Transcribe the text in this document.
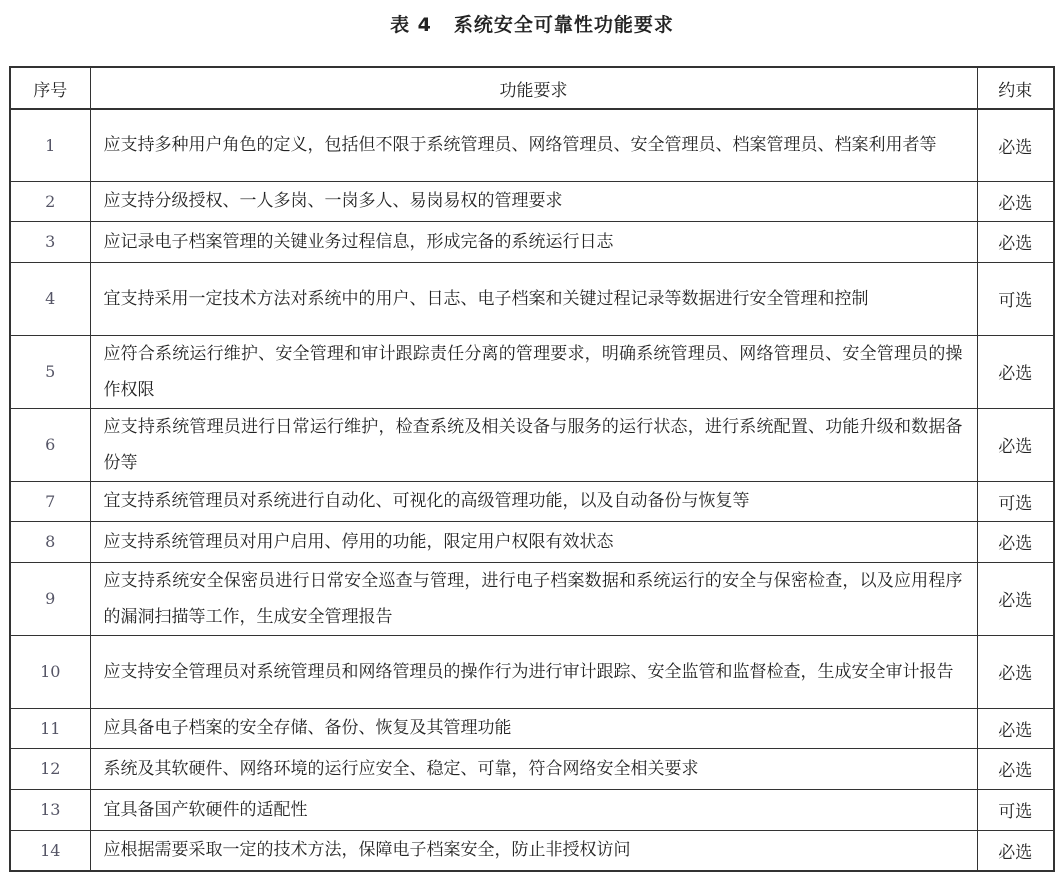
表 4 系统安全可靠性功能要求
序号	功能要求	约束
1	应支持多种用户角色的定义，包括但不限于系统管理员、网络管理员、安全管理员、档案管理员、档案利用者等	必选
2	应支持分级授权、一人多岗、一岗多人、易岗易权的管理要求	必选
3	应记录电子档案管理的关键业务过程信息，形成完备的系统运行日志	必选
4	宜支持采用一定技术方法对系统中的用户、日志、电子档案和关键过程记录等数据进行安全管理和控制	可选
5	应符合系统运行维护、安全管理和审计跟踪责任分离的管理要求，明确系统管理员、网络管理员、安全管理员的操作权限	必选
6	应支持系统管理员进行日常运行维护，检查系统及相关设备与服务的运行状态，进行系统配置、功能升级和数据备份等	必选
7	宜支持系统管理员对系统进行自动化、可视化的高级管理功能，以及自动备份与恢复等	可选
8	应支持系统管理员对用户启用、停用的功能，限定用户权限有效状态	必选
9	应支持系统安全保密员进行日常安全巡查与管理，进行电子档案数据和系统运行的安全与保密检查，以及应用程序的漏洞扫描等工作，生成安全管理报告	必选
10	应支持安全管理员对系统管理员和网络管理员的操作行为进行审计跟踪、安全监管和监督检查，生成安全审计报告	必选
11	应具备电子档案的安全存储、备份、恢复及其管理功能	必选
12	系统及其软硬件、网络环境的运行应安全、稳定、可靠，符合网络安全相关要求	必选
13	宜具备国产软硬件的适配性	可选
14	应根据需要采取一定的技术方法，保障电子档案安全，防止非授权访问	必选
